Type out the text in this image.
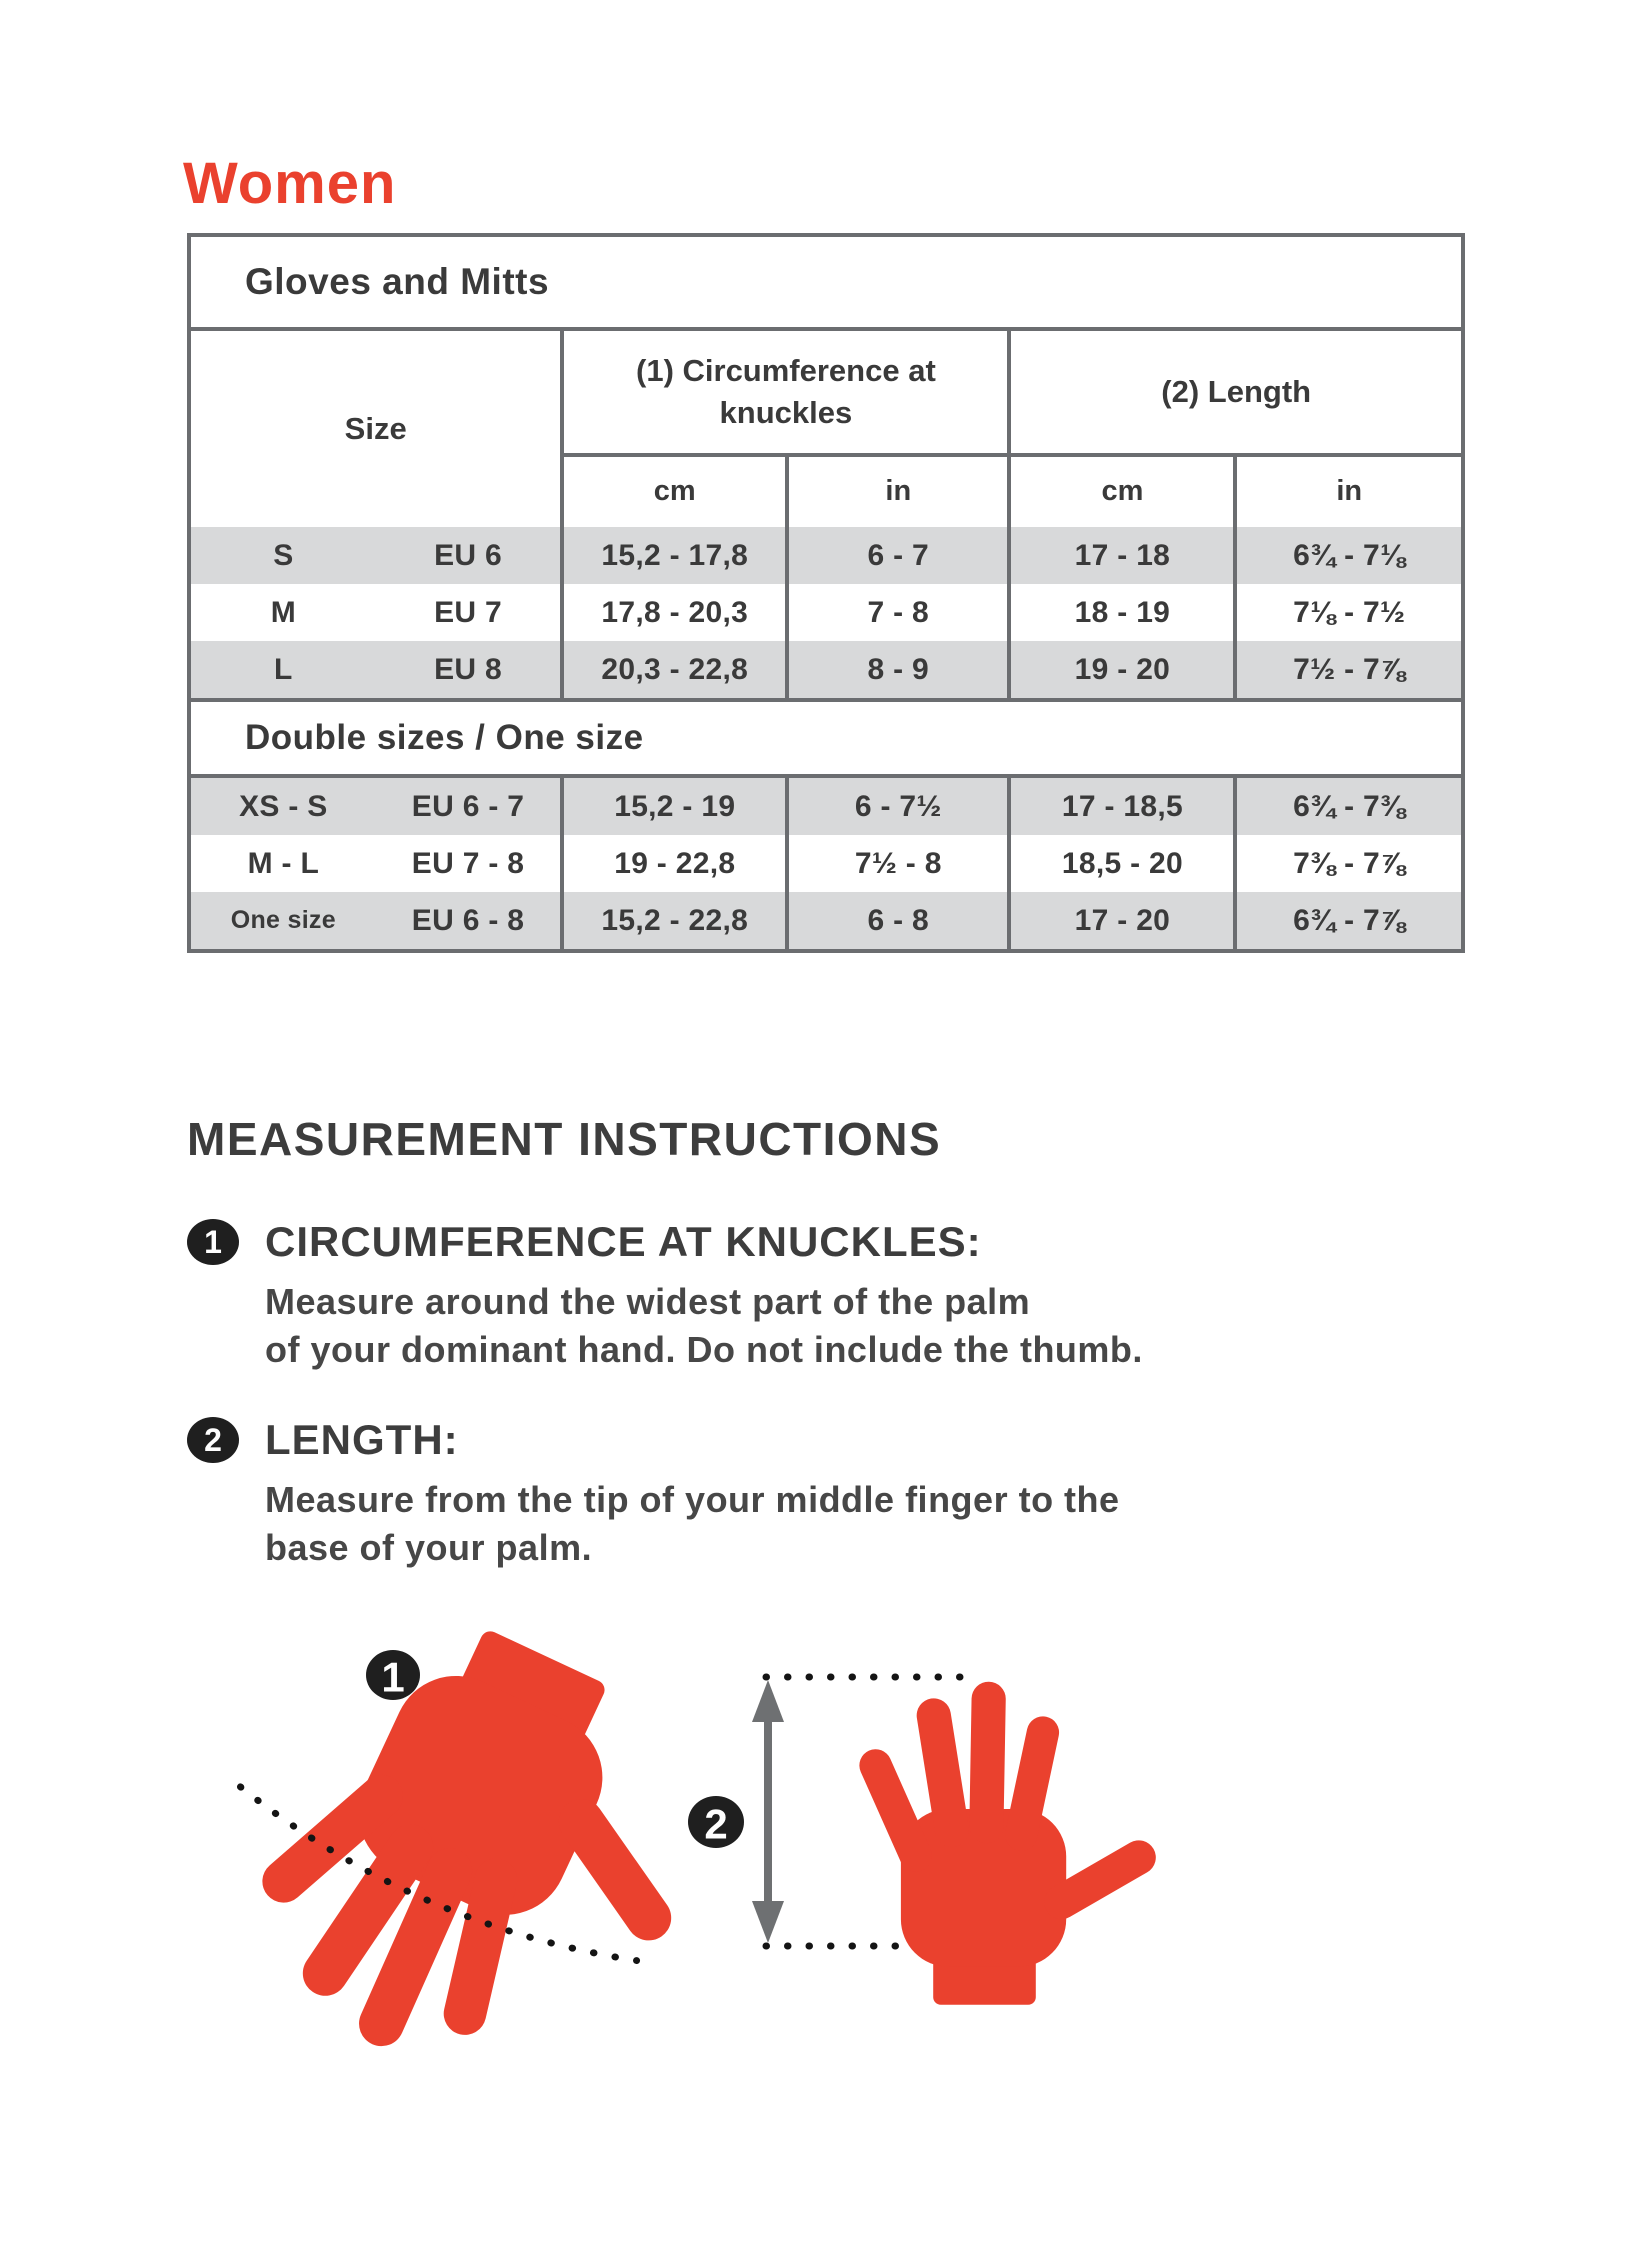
Women
Gloves and Mitts
Size
(1) Circumference at knuckles
(2) Length
cm	in	cm	in
S	EU 6	15,2 - 17,8	6 - 7	17 - 18	6¾ - 7⅛
M	EU 7	17,8 - 20,3	7 - 8	18 - 19	7⅛ - 7½
L	EU 8	20,3 - 22,8	8 - 9	19 - 20	7½ - 7⅞
Double sizes / One size
XS - S	EU 6 - 7	15,2 - 19	6 - 7½	17 - 18,5	6¾ - 7⅜
M - L	EU 7 - 8	19 - 22,8	7½ - 8	18,5 - 20	7⅜ - 7⅞
One size	EU 6 - 8	15,2 - 22,8	6 - 8	17 - 20	6¾ - 7⅞
MEASUREMENT INSTRUCTIONS
1	CIRCUMFERENCE AT KNUCKLES:
Measure around the widest part of the palm
of your dominant hand. Do not include the thumb.
2	LENGTH:
Measure from the tip of your middle finger to the
base of your palm.
1
2
